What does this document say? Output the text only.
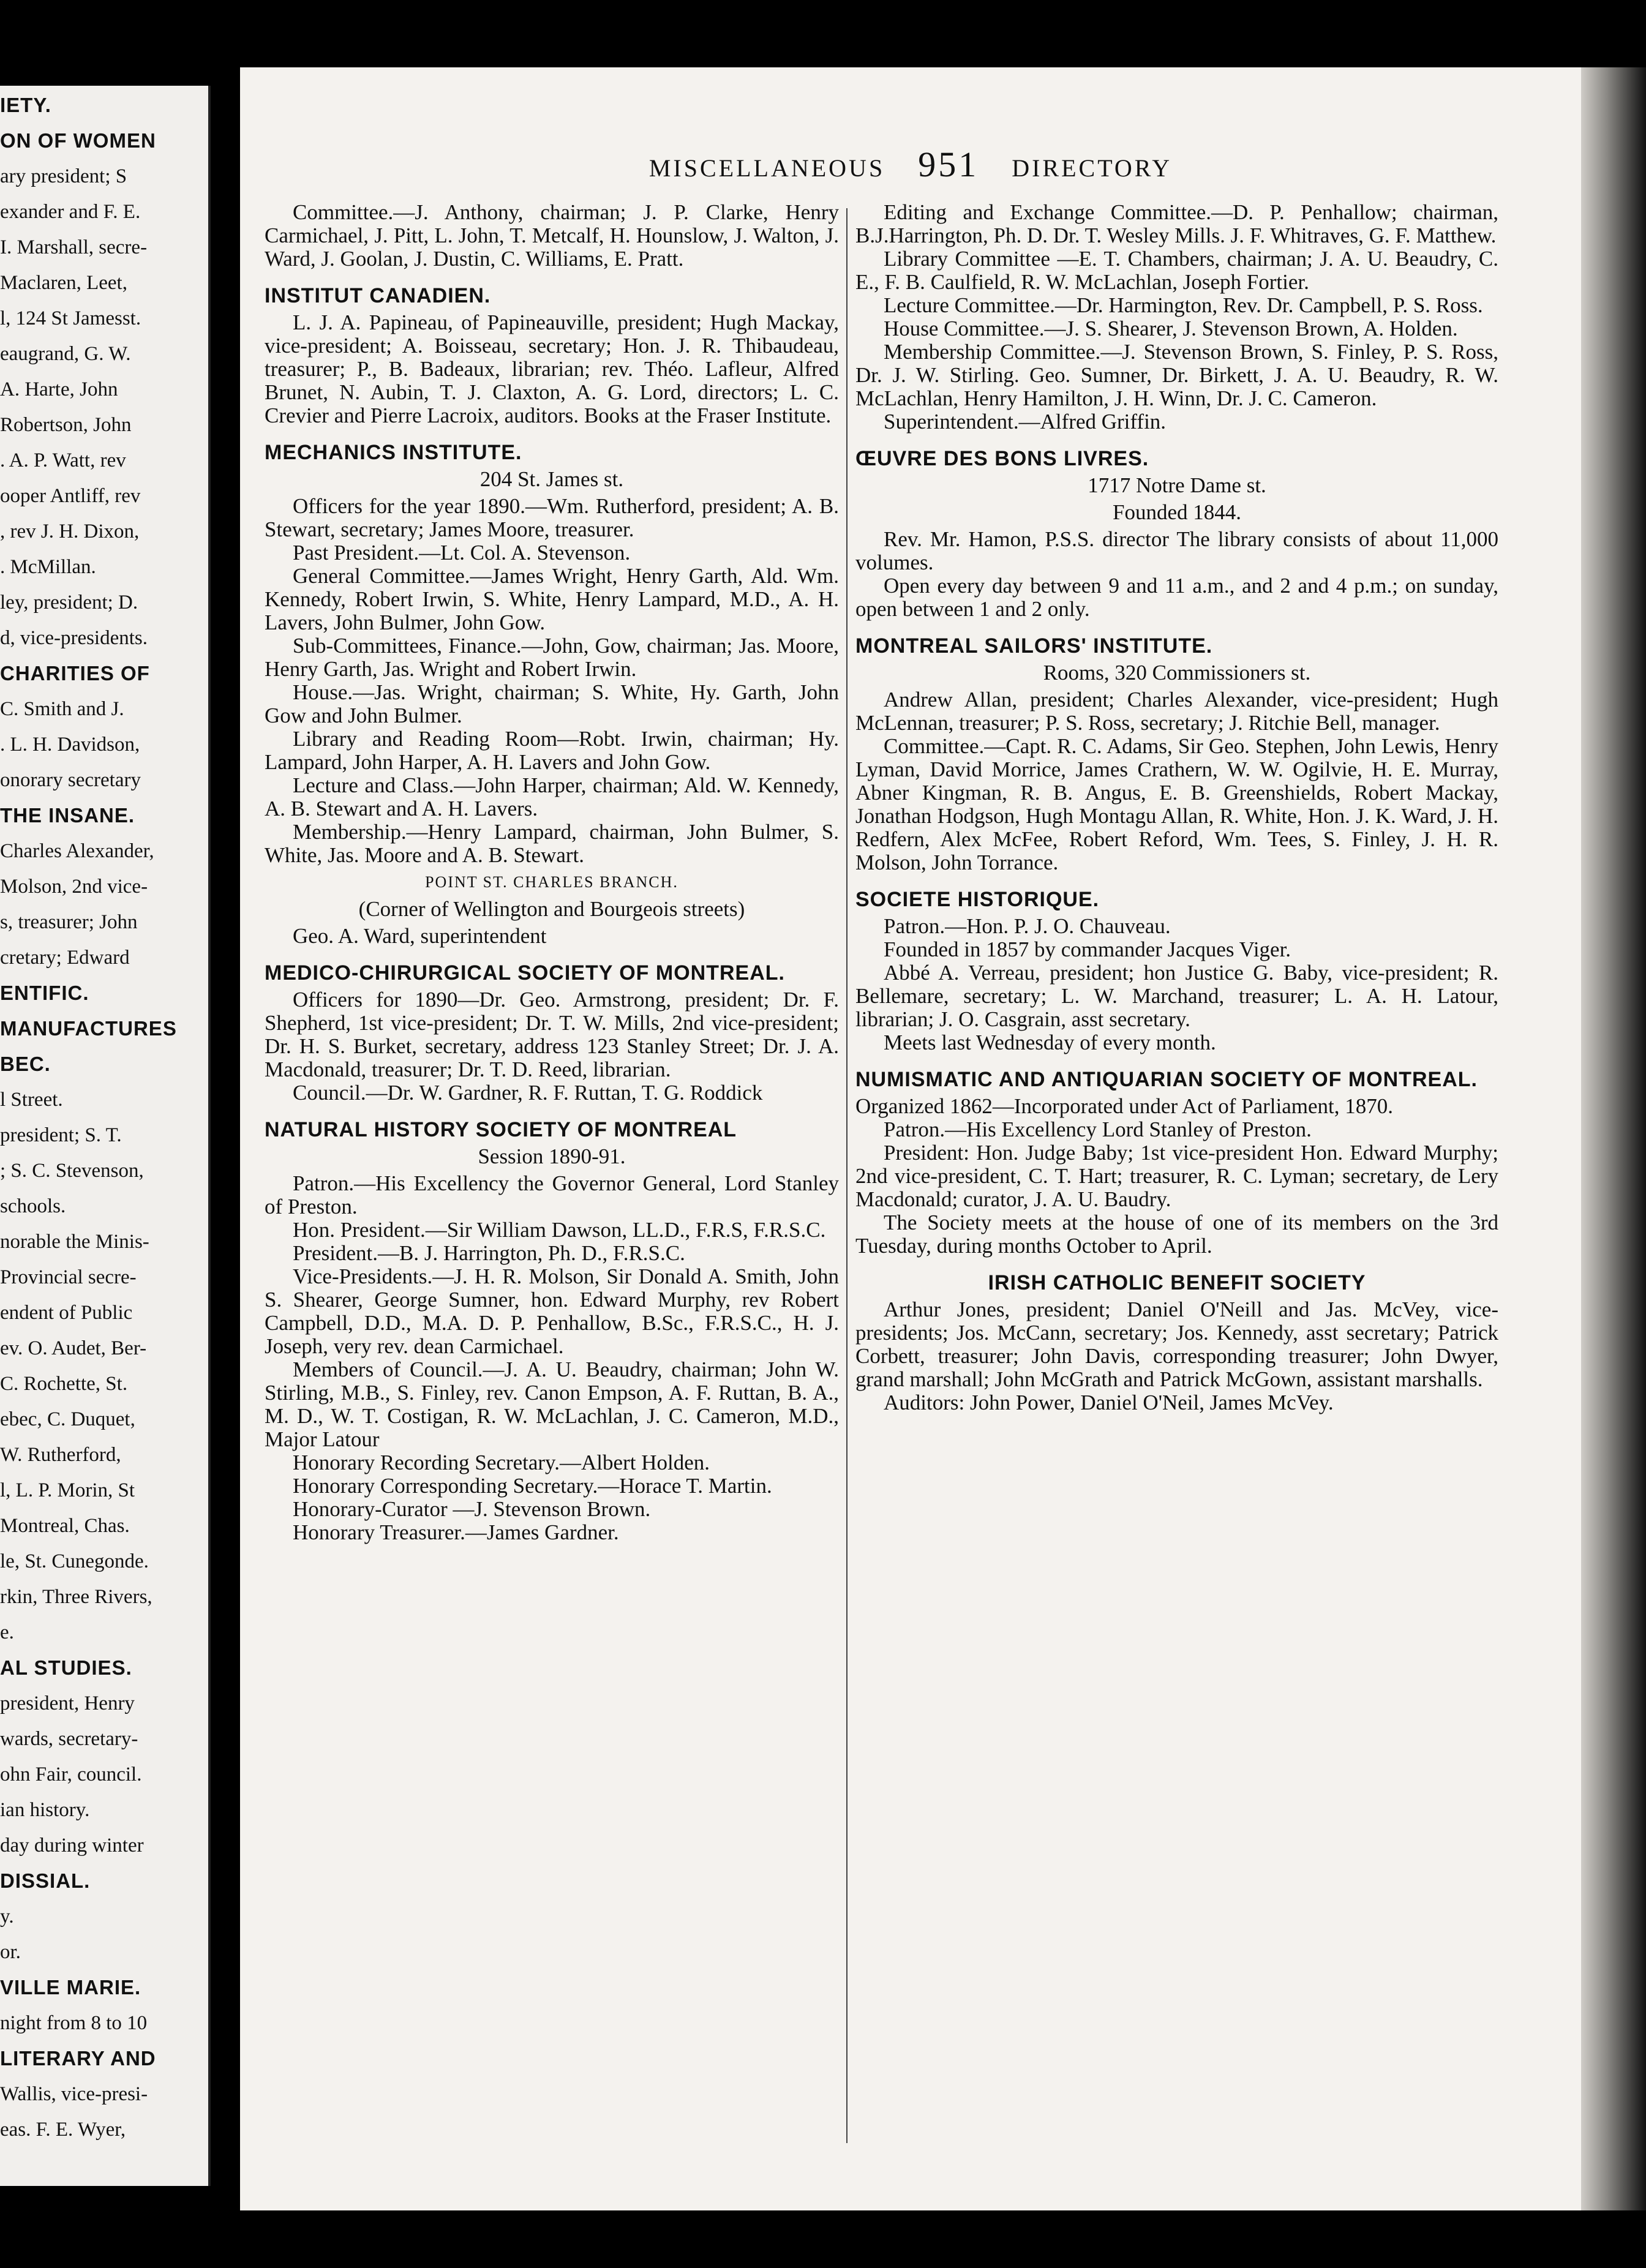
IETY.
ON OF WOMEN
ary president; S
exander and F. E.
I. Marshall, secre-
Maclaren, Leet,
l, 124 St Jamesst.
eaugrand, G. W.
A. Harte, John
Robertson, John
. A. P. Watt, rev
ooper Antliff, rev
, rev J. H. Dixon,
. McMillan.
ley, president; D.
d, vice-presidents.
CHARITIES OF
C. Smith and J.
. L. H. Davidson,
onorary secretary
THE INSANE.
Charles Alexander,
Molson, 2nd vice-
s, treasurer; John
cretary; Edward
ENTIFIC.
MANUFACTURES
BEC.
l Street.
president; S. T.
; S. C. Stevenson,
schools.
norable the Minis-
Provincial secre-
endent of Public
ev. O. Audet, Ber-
C. Rochette, St.
ebec, C. Duquet,
W. Rutherford,
l, L. P. Morin, St
Montreal, Chas.
le, St. Cunegonde.
rkin, Three Rivers,
e.
AL STUDIES.
president, Henry
wards, secretary-
ohn Fair, council.
ian history.
day during winter
DISSIAL.
y.
or.
VILLE MARIE.
night from 8 to 10
LITERARY AND
Wallis, vice-presi-
eas. F. E. Wyer,
MISCELLANEOUS 951 DIRECTORY

Committee.—J. Anthony, chairman; J. P. Clarke, Henry Carmichael, J. Pitt, L. John, T. Metcalf, H. Hounslow, J. Walton, J. Ward, J. Goolan, J. Dustin, C. Williams, E. Pratt.

INSTITUT CANADIEN.

L. J. A. Papineau, of Papineauville, president; Hugh Mackay, vice-president; A. Boisseau, secretary; Hon. J. R. Thibaudeau, treasurer; P., B. Badeaux, librarian; rev. Théo. Lafleur, Alfred Brunet, N. Aubin, T. J. Claxton, A. G. Lord, directors; L. C. Crevier and Pierre Lacroix, auditors. Books at the Fraser Institute.

MECHANICS INSTITUTE.
204 St. James st.

Officers for the year 1890.—Wm. Rutherford, president; A. B. Stewart, secretary; James Moore, treasurer.

Past President.—Lt. Col. A. Stevenson.

General Committee.—James Wright, Henry Garth, Ald. Wm. Kennedy, Robert Irwin, S. White, Henry Lampard, M.D., A. H. Lavers, John Bulmer, John Gow.

Sub-Committees, Finance.—John, Gow, chairman; Jas. Moore, Henry Garth, Jas. Wright and Robert Irwin.

House.—Jas. Wright, chairman; S. White, Hy. Garth, John Gow and John Bulmer.

Library and Reading Room—Robt. Irwin, chairman; Hy. Lampard, John Harper, A. H. Lavers and John Gow.

Lecture and Class.—John Harper, chairman; Ald. W. Kennedy, A. B. Stewart and A. H. Lavers.

Membership.—Henry Lampard, chairman, John Bulmer, S. White, Jas. Moore and A. B. Stewart.

POINT ST. CHARLES BRANCH.
(Corner of Wellington and Bourgeois streets)

Geo. A. Ward, superintendent

MEDICO-CHIRURGICAL SOCIETY OF MONTREAL.

Officers for 1890—Dr. Geo. Armstrong, president; Dr. F. Shepherd, 1st vice-president; Dr. T. W. Mills, 2nd vice-president; Dr. H. S. Burket, secretary, address 123 Stanley Street; Dr. J. A. Macdonald, treasurer; Dr. T. D. Reed, librarian.

Council.—Dr. W. Gardner, R. F. Ruttan, T. G. Roddick

NATURAL HISTORY SOCIETY OF MONTREAL
Session 1890-91.

Patron.—His Excellency the Governor General, Lord Stanley of Preston.

Hon. President.—Sir William Dawson, LL.D., F.R.S, F.R.S.C.

President.—B. J. Harrington, Ph. D., F.R.S.C.

Vice-Presidents.—J. H. R. Molson, Sir Donald A. Smith, John S. Shearer, George Sumner, hon. Edward Murphy, rev Robert Campbell, D.D., M.A. D. P. Penhallow, B.Sc., F.R.S.C., H. J. Joseph, very rev. dean Carmichael.

Members of Council.—J. A. U. Beaudry, chairman; John W. Stirling, M.B., S. Finley, rev. Canon Empson, A. F. Ruttan, B. A., M. D., W. T. Costigan, R. W. McLachlan, J. C. Cameron, M.D., Major Latour

Honorary Recording Secretary.—Albert Holden.

Honorary Corresponding Secretary.—Horace T. Martin.

Honorary-Curator —J. Stevenson Brown.

Honorary Treasurer.—James Gardner.

Editing and Exchange Committee.—D. P. Penhallow; chairman, B.J.Harrington, Ph. D. Dr. T. Wesley Mills. J. F. Whitraves, G. F. Matthew.

Library Committee —E. T. Chambers, chairman; J. A. U. Beaudry, C. E., F. B. Caulfield, R. W. McLachlan, Joseph Fortier.

Lecture Committee.—Dr. Harmington, Rev. Dr. Campbell, P. S. Ross.

House Committee.—J. S. Shearer, J. Stevenson Brown, A. Holden.

Membership Committee.—J. Stevenson Brown, S. Finley, P. S. Ross, Dr. J. W. Stirling. Geo. Sumner, Dr. Birkett, J. A. U. Beaudry, R. W. McLachlan, Henry Hamilton, J. H. Winn, Dr. J. C. Cameron.

Superintendent.—Alfred Griffin.

ŒUVRE DES BONS LIVRES.
1717 Notre Dame st.
Founded 1844.

Rev. Mr. Hamon, P.S.S. director The library consists of about 11,000 volumes.

Open every day between 9 and 11 a.m., and 2 and 4 p.m.; on sunday, open between 1 and 2 only.

MONTREAL SAILORS' INSTITUTE.
Rooms, 320 Commissioners st.

Andrew Allan, president; Charles Alexander, vice-president; Hugh McLennan, treasurer; P. S. Ross, secretary; J. Ritchie Bell, manager.

Committee.—Capt. R. C. Adams, Sir Geo. Stephen, John Lewis, Henry Lyman, David Morrice, James Crathern, W. W. Ogilvie, H. E. Murray, Abner Kingman, R. B. Angus, E. B. Greenshields, Robert Mackay, Jonathan Hodgson, Hugh Montagu Allan, R. White, Hon. J. K. Ward, J. H. Redfern, Alex McFee, Robert Reford, Wm. Tees, S. Finley, J. H. R. Molson, John Torrance.

SOCIETE HISTORIQUE.

Patron.—Hon. P. J. O. Chauveau.

Founded in 1857 by commander Jacques Viger.

Abbé A. Verreau, president; hon Justice G. Baby, vice-president; R. Bellemare, secretary; L. W. Marchand, treasurer; L. A. H. Latour, librarian; J. O. Casgrain, asst secretary.

Meets last Wednesday of every month.

NUMISMATIC AND ANTIQUARIAN SOCIETY OF MONTREAL.

Organized 1862—Incorporated under Act of Parliament, 1870.

Patron.—His Excellency Lord Stanley of Preston.

President: Hon. Judge Baby; 1st vice-president Hon. Edward Murphy; 2nd vice-president, C. T. Hart; treasurer, R. C. Lyman; secretary, de Lery Macdonald; curator, J. A. U. Baudry.

The Society meets at the house of one of its members on the 3rd Tuesday, during months October to April.

IRISH CATHOLIC BENEFIT SOCIETY

Arthur Jones, president; Daniel O'Neill and Jas. McVey, vice-presidents; Jos. McCann, secretary; Jos. Kennedy, asst secretary; Patrick Corbett, treasurer; John Davis, corresponding treasurer; John Dwyer, grand marshall; John McGrath and Patrick McGown, assistant marshalls.

Auditors: John Power, Daniel O'Neil, James McVey.
